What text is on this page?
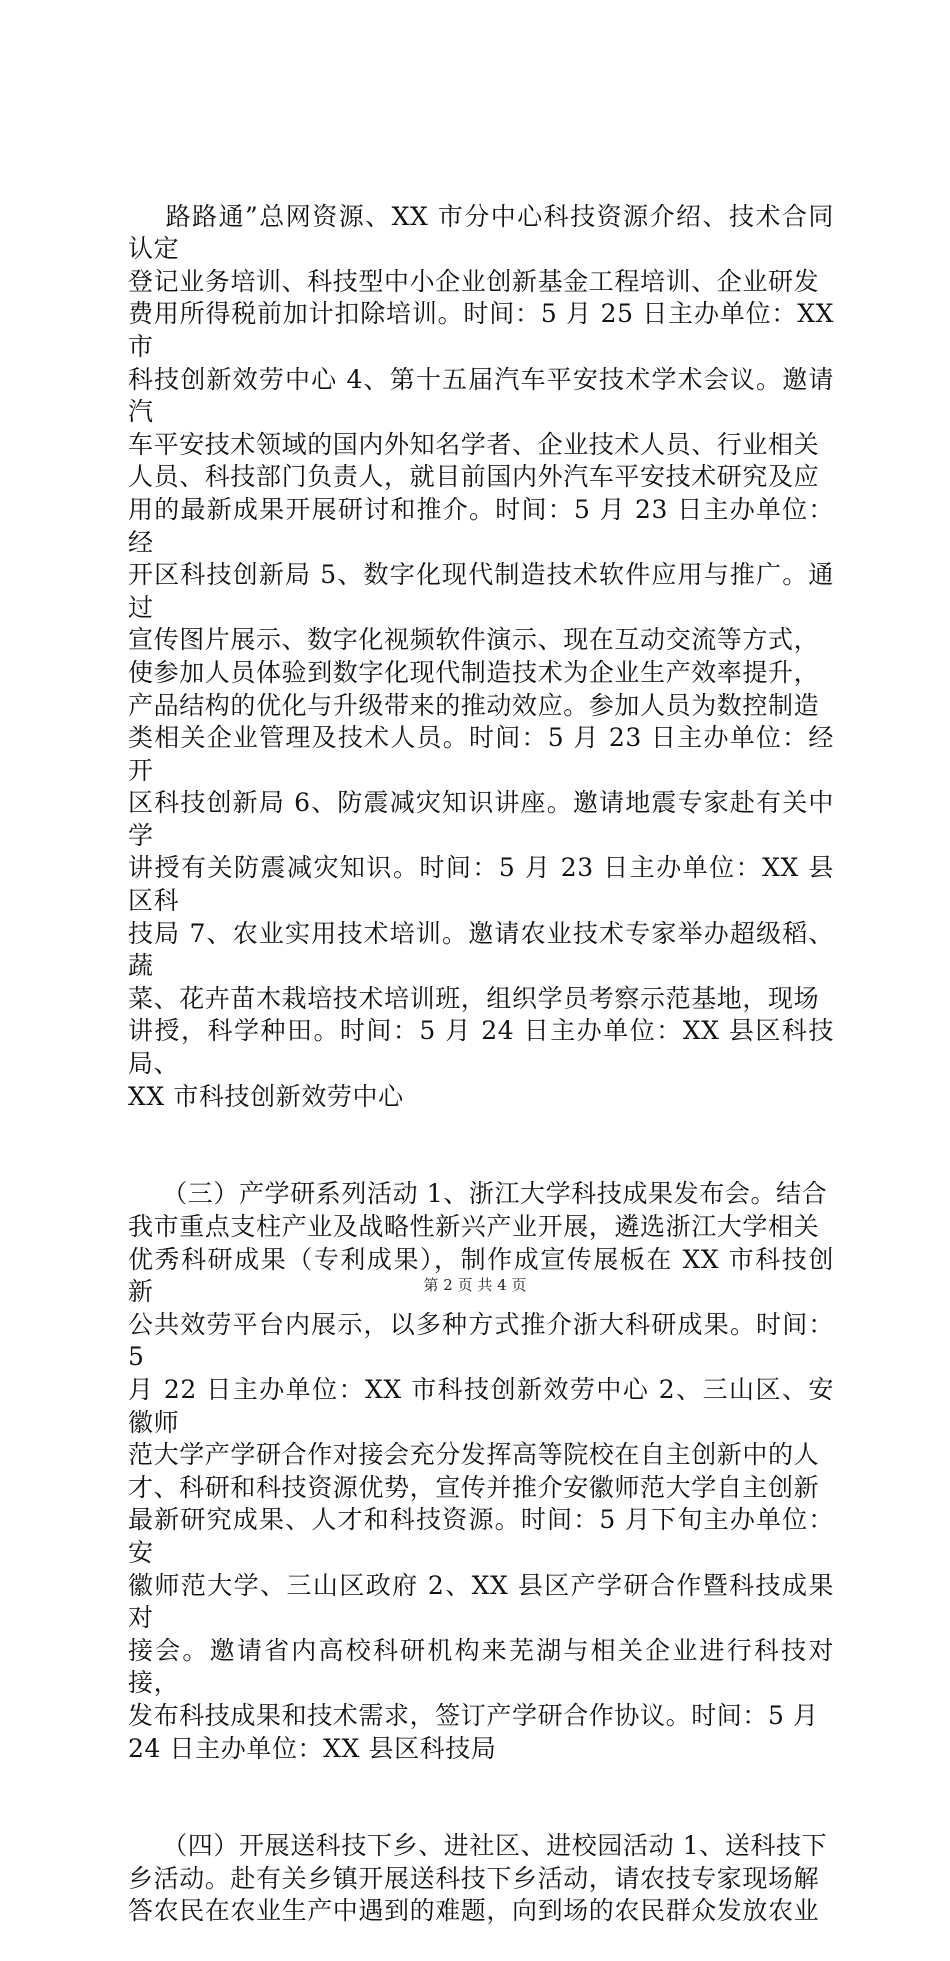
路路通”总网资源、XX 市分中心科技资源介绍、技术合同认定
登记业务培训、科技型中小企业创新基金工程培训、企业研发
费用所得税前加计扣除培训。时间：5 月 25 日主办单位：XX 市
科技创新效劳中心 4、第十五届汽车平安技术学术会议。邀请汽
车平安技术领域的国内外知名学者、企业技术人员、行业相关
人员、科技部门负责人，就目前国内外汽车平安技术研究及应
用的最新成果开展研讨和推介。时间：5 月 23 日主办单位：经
开区科技创新局 5、数字化现代制造技术软件应用与推广。通过
宣传图片展示、数字化视频软件演示、现在互动交流等方式，
使参加人员体验到数字化现代制造技术为企业生产效率提升，
产品结构的优化与升级带来的推动效应。参加人员为数控制造
类相关企业管理及技术人员。时间：5 月 23 日主办单位：经开
区科技创新局 6、防震减灾知识讲座。邀请地震专家赴有关中学
讲授有关防震减灾知识。时间：5 月 23 日主办单位：XX 县区科
技局 7、农业实用技术培训。邀请农业技术专家举办超级稻、蔬
菜、花卉苗木栽培技术培训班，组织学员考察示范基地，现场
讲授，科学种田。时间：5 月 24 日主办单位：XX 县区科技局、
XX 市科技创新效劳中心

（三）产学研系列活动 1、浙江大学科技成果发布会。结合
我市重点支柱产业及战略性新兴产业开展，遴选浙江大学相关
优秀科研成果（专利成果），制作成宣传展板在 XX 市科技创新
公共效劳平台内展示，以多种方式推介浙大科研成果。时间：5
月 22 日主办单位：XX 市科技创新效劳中心 2、三山区、安徽师
范大学产学研合作对接会充分发挥高等院校在自主创新中的人
才、科研和科技资源优势，宣传并推介安徽师范大学自主创新
最新研究成果、人才和科技资源。时间：5 月下旬主办单位：安
徽师范大学、三山区政府 2、XX 县区产学研合作暨科技成果对
接会。邀请省内高校科研机构来芜湖与相关企业进行科技对接，
发布科技成果和技术需求，签订产学研合作协议。时间：5 月
24 日主办单位：XX 县区科技局

（四）开展送科技下乡、进社区、进校园活动 1、送科技下
乡活动。赴有关乡镇开展送科技下乡活动，请农技专家现场解
答农民在农业生产中遇到的难题，向到场的农民群众发放农业

第 2 页 共 4 页
